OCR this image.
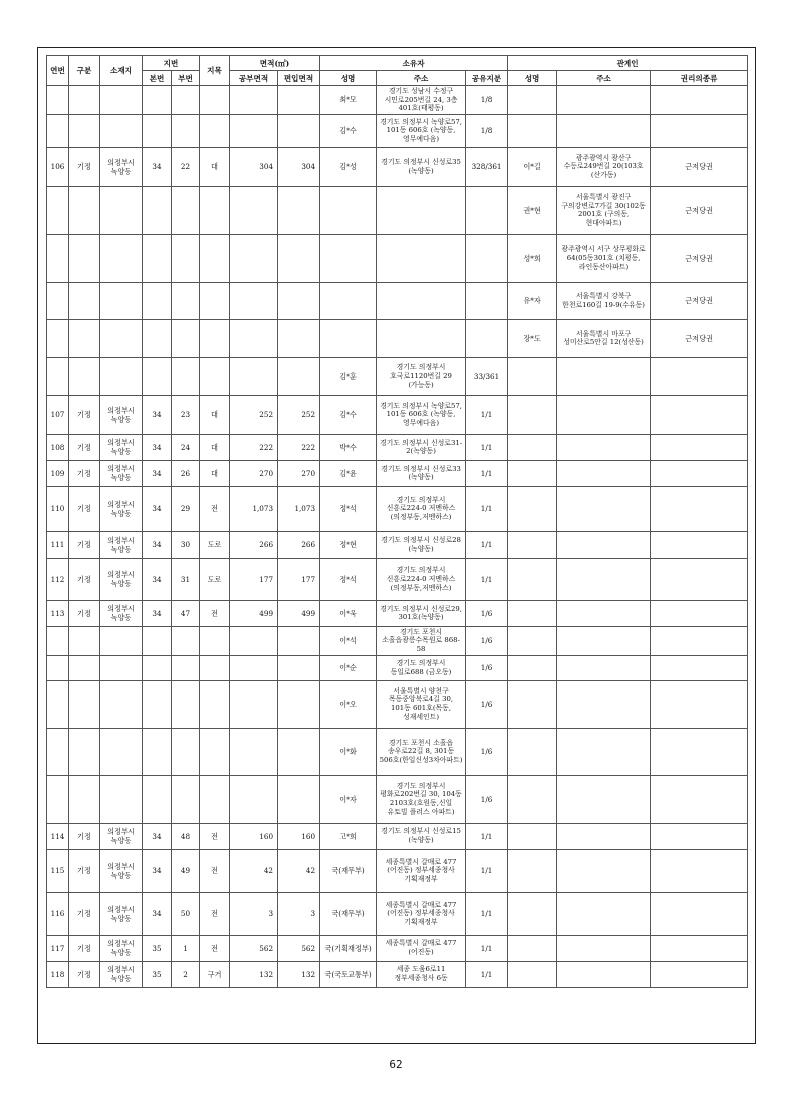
연번	구분	소재지	지번		지목	면적(㎡)		소유자			관계인		
			본번	부번		공부면적	편입면적	성명	주소	공유지분	성명	주소	권리의종류
								최*모	경기도 성남시 수정구 시민로205번길 24, 3층 401호(태평동)	1/8			
								김*수	경기도 의정부시 녹양로57, 101동 606호 (녹양동, 영무예다음)	1/8			
106	기정	의정부시 녹양동	34	22	대	304	304	김*성	경기도 의정부시 신성로35 (녹양동)	328/361	이*길	광주광역시 광산구 수등로249번길 20(103호 (산가동)	근저당권
											권*현	서울특별시 광진구 구의강변로7가길 30(102동 2001호 (구의동, 현대아파트)	근저당권
											성*희	광주광역시 서구 상무평화로 64(05동301호 (치평동, 라인동산아파트)	근저당권
											유*자	서울특별시 강북구 한천로160길 19-9(수유동)	근저당권
											장*도	서울특별시 마포구 성미산로5안길 12(성산동)	근저당권
								김*훈	경기도 의정부시 호국로1120번길 29 (가능동)	33/361			
107	기정	의정부시 녹양동	34	23	대	252	252	김*수	경기도 의정부시 녹양로57, 101동 606호 (녹양동, 영무예다음)	1/1			
108	기정	의정부시 녹양동	34	24	대	222	222	박*수	경기도 의정부시 신성로31-2(녹양동)	1/1			
109	기정	의정부시 녹양동	34	26	대	270	270	김*윤	경기도 의정부시 신성로33 (녹양동)	1/1			
110	기정	의정부시 녹양동	34	29	전	1,073	1,073	정*석	경기도 의정부시 신흥로224-0 저멘하스(의정부동,저멘하스)	1/1			
111	기정	의정부시 녹양동	34	30	도로	266	266	정*현	경기도 의정부시 신성로28 (녹양동)	1/1			
112	기정	의정부시 녹양동	34	31	도로	177	177	정*석	경기도 의정부시 신흥로224-0 저멘하스(의정부동,저멘하스)	1/1			
113	기정	의정부시 녹양동	34	47	전	499	499	이*욱	경기도 의정부시 신성로29, 301호(녹양동)	1/6			
								이*석	경기도 포천시 소흘읍광릉수목원로 868-58	1/6			
								이*순	경기도 의정부시 동일로688 (금오동)	1/6			
								이*오	서울특별시 양천구 목동중앙북로4길 30, 101동 601호(목동,성재세인트)	1/6			
								이*화	경기도 포천시 소흘읍 송우로22길 8, 301동 506호(한일신성3차아파트)	1/6			
								이*자	경기도 의정부시 평화로202번길 30, 104동 2103호(호원동,신일 유토빌 플러스 아파트)	1/6			
114	기정	의정부시 녹양동	34	48	전	160	160	고*희	경기도 의정부시 신성로15 (녹양동)	1/1			
115	기정	의정부시 녹양동	34	49	전	42	42	국(재무부)	세종특별시 갈매로 477 (어진동) 정부세종청사 기획재정부	1/1			
116	기정	의정부시 녹양동	34	50	전	3	3	국(재무부)	세종특별시 갈매로 477 (어진동) 정부세종청사 기획재정부	1/1			
117	기정	의정부시 녹양동	35	1	전	562	562	국(기획재정부)	세종특별시 갈매로 477 (어진동)	1/1			
118	기정	의정부시 녹양동	35	2	구거	132	132	국(국토교통부)	세종 도움6로11 정부세종청사 6동	1/1			
62
